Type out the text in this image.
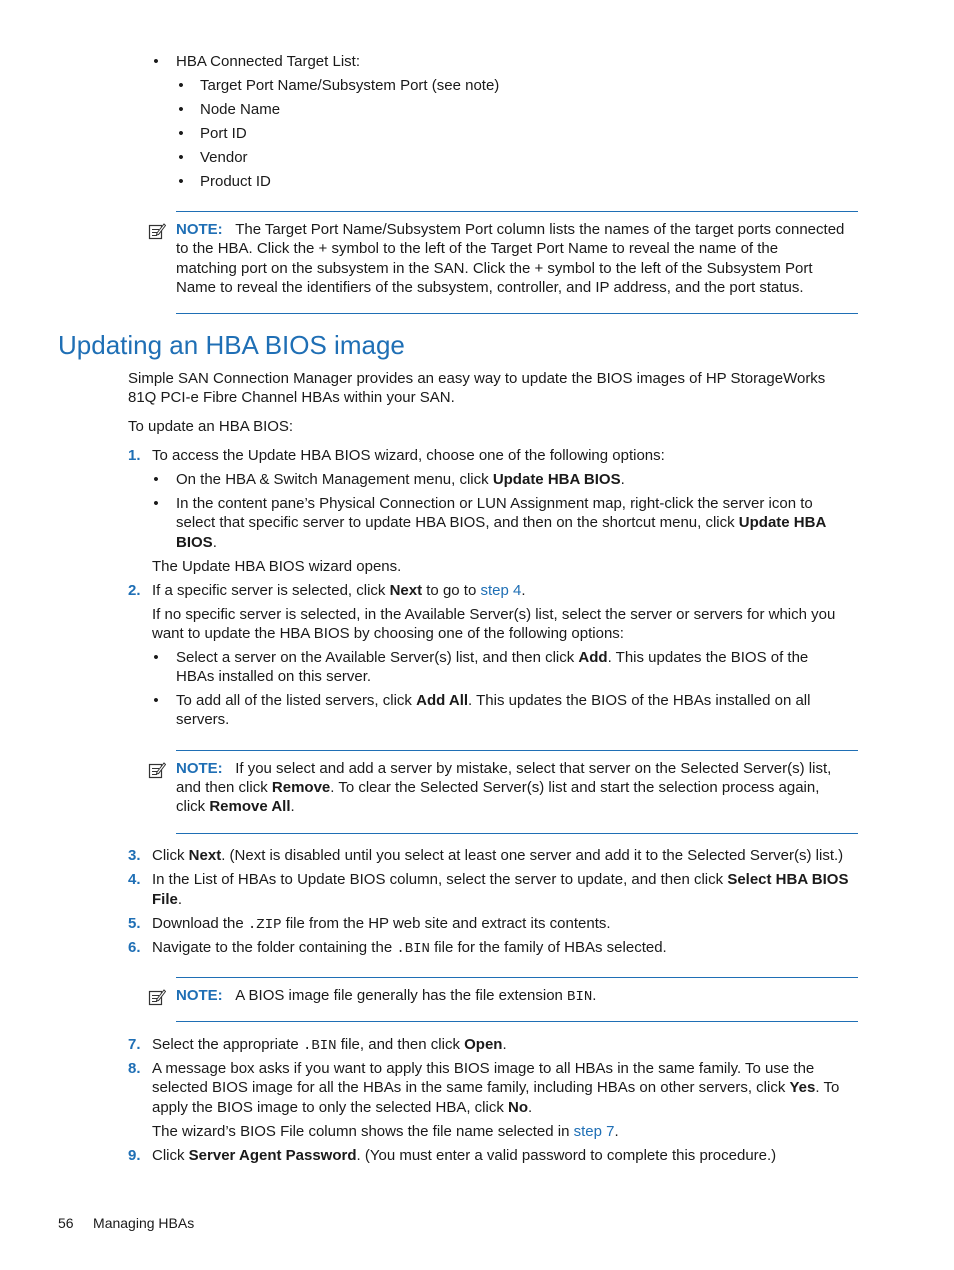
• HBA Connected Target List:
• Target Port Name/Subsystem Port (see note)
• Node Name
• Port ID
• Vendor
• Product ID
NOTE: The Target Port Name/Subsystem Port column lists the names of the target ports connected
to the HBA. Click the + symbol to the left of the Target Port Name to reveal the name of the
matching port on the subsystem in the SAN. Click the + symbol to the left of the Subsystem Port
Name to reveal the identifiers of the subsystem, controller, and IP address, and the port status.
Updating an HBA BIOS image
Simple SAN Connection Manager provides an easy way to update the BIOS images of HP StorageWorks
81Q PCI-e Fibre Channel HBAs within your SAN.
To update an HBA BIOS:
1. To access the Update HBA BIOS wizard, choose one of the following options:
• On the HBA & Switch Management menu, click Update HBA BIOS.
• In the content pane’s Physical Connection or LUN Assignment map, right-click the server icon to
select that specific server to update HBA BIOS, and then on the shortcut menu, click Update HBA
BIOS.
The Update HBA BIOS wizard opens.
2. If a specific server is selected, click Next to go to step 4.
If no specific server is selected, in the Available Server(s) list, select the server or servers for which you
want to update the HBA BIOS by choosing one of the following options:
• Select a server on the Available Server(s) list, and then click Add. This updates the BIOS of the
HBAs installed on this server.
• To add all of the listed servers, click Add All. This updates the BIOS of the HBAs installed on all
servers.
NOTE: If you select and add a server by mistake, select that server on the Selected Server(s) list,
and then click Remove. To clear the Selected Server(s) list and start the selection process again,
click Remove All.
3. Click Next. (Next is disabled until you select at least one server and add it to the Selected Server(s) list.)
4. In the List of HBAs to Update BIOS column, select the server to update, and then click Select HBA BIOS
File.
5. Download the .ZIP file from the HP web site and extract its contents.
6. Navigate to the folder containing the .BIN file for the family of HBAs selected.
NOTE: A BIOS image file generally has the file extension BIN.
7. Select the appropriate .BIN file, and then click Open.
8. A message box asks if you want to apply this BIOS image to all HBAs in the same family. To use the
selected BIOS image for all the HBAs in the same family, including HBAs on other servers, click Yes. To
apply the BIOS image to only the selected HBA, click No.
The wizard’s BIOS File column shows the file name selected in step 7.
9. Click Server Agent Password. (You must enter a valid password to complete this procedure.)
56 Managing HBAs
